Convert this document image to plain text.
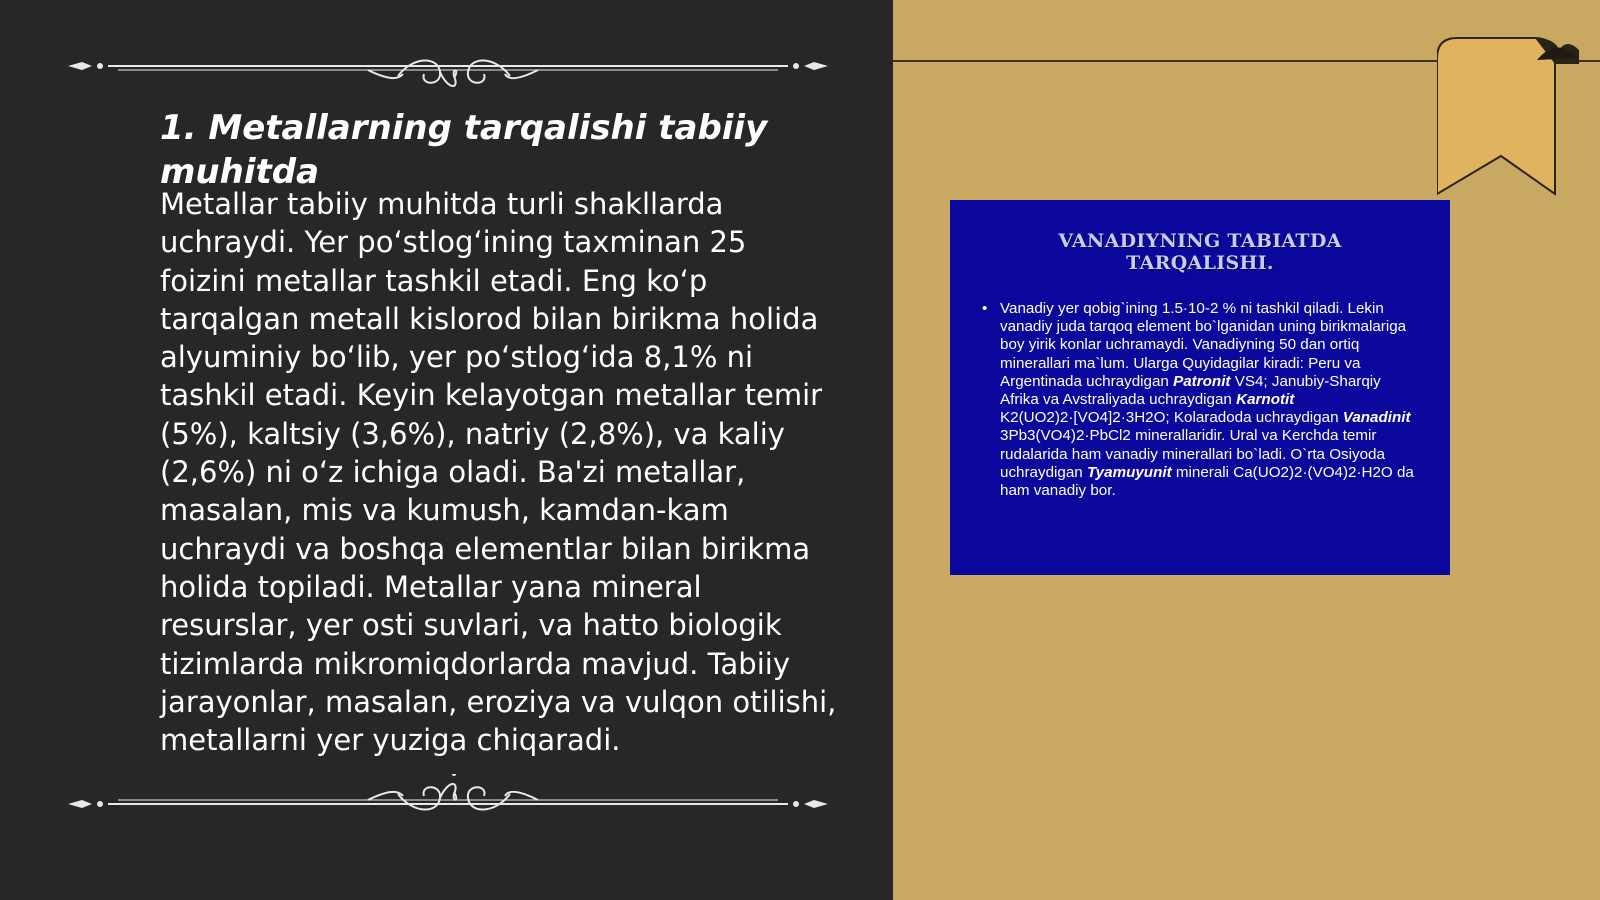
1. Metallarning tarqalishi tabiiy muhitda

Metallar tabiiy muhitda turli shakllarda uchraydi. Yer po‘stlog‘ining taxminan 25 foizini metallar tashkil etadi. Eng ko‘p tarqalgan metall kislorod bilan birikma holida alyuminiy bo‘lib, yer po‘stlog‘ida 8,1% ni tashkil etadi. Keyin kelayotgan metallar temir (5%), kaltsiy (3,6%), natriy (2,8%), va kaliy (2,6%) ni o‘z ichiga oladi. Ba'zi metallar, masalan, mis va kumush, kamdan-kam uchraydi va boshqa elementlar bilan birikma holida topiladi. Metallar yana mineral resurslar, yer osti suvlari, va hatto biologik tizimlarda mikromiqdorlarda mavjud. Tabiiy jarayonlar, masalan, eroziya va vulqon otilishi, metallarni yer yuziga chiqaradi.

VANADIYNING TABIATDA TARQALISHI.
• Vanadiy yer qobig`ining 1.5·10-2 % ni tashkil qiladi. Lekin vanadiy juda tarqoq element bo`lganidan uning birikmalariga boy yirik konlar uchramaydi. Vanadiyning 50 dan ortiq minerallari ma`lum. Ularga Quyidagilar kiradi: Peru va Argentinada uchraydigan Patronit VS4; Janubiy-Sharqiy Afrika va Avstraliyada uchraydigan Karnotit K2(UO2)2·[VO4]2·3H2O; Kolaradoda uchraydigan Vanadinit 3Pb3(VO4)2·PbCl2 minerallaridir. Ural va Kerchda temir rudalarida ham vanadiy minerallari bo`ladi. O`rta Osiyoda uchraydigan Tyamuyunit minerali Ca(UO2)2·(VO4)2·H2O da ham vanadiy bor.
